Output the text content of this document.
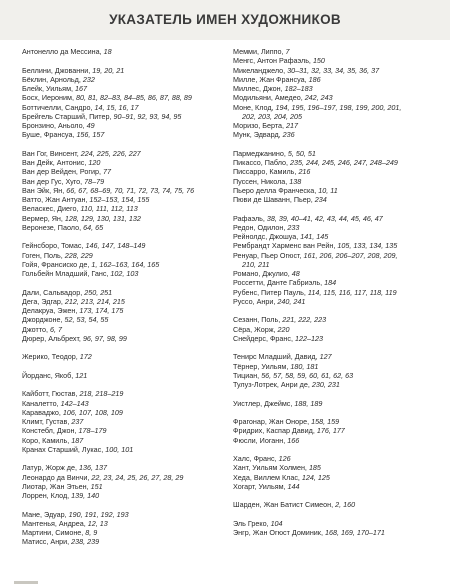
УКАЗАТЕЛЬ ИМЕН ХУДОЖНИКОВ
Антонелло да Мессина, 18
Беллини, Джованни, 19, 20, 21
Бёклин, Арнольд, 232
Блейк, Уильям, 167
Босх, Иероним, 80, 81, 82–83, 84–85, 86, 87, 88, 89
Боттичелли, Сандро, 14, 15, 16, 17
Брейгель Старший, Питер, 90–91, 92, 93, 94, 95
Бронзино, Аньоло, 49
Буше, Франсуа, 156, 157
Ван Гог, Винсент, 224, 225, 226, 227
Ван Дейк, Антонис, 120
Ван дер Вейден, Рогир, 77
Ван дер Гус, Хуго, 78–79
Ван Эйк, Ян, 66, 67, 68–69, 70, 71, 72, 73, 74, 75, 76
Ватто, Жан Антуан, 152–153, 154, 155
Веласкес, Диего, 110, 111, 112, 113
Вермер, Ян, 128, 129, 130, 131, 132
Веронезе, Паоло, 64, 65
Гейнсборо, Томас, 146, 147, 148–149
Гоген, Поль, 228, 229
Гойя, Франсиско де, 1, 162–163, 164, 165
Гольбейн Младший, Ганс, 102, 103
Дали, Сальвадор, 250, 251
Дега, Эдгар, 212, 213, 214, 215
Делакруа, Эжен, 173, 174, 175
Джорджоне, 52, 53, 54, 55
Джотто, 6, 7
Дюрер, Альбрехт, 96, 97, 98, 99
Жерико, Теодор, 172
Йорданс, Якоб, 121
Кайботт, Гюстав, 218, 218–219
Каналетто, 142–143
Караваджо, 106, 107, 108, 109
Климт, Густав, 237
Констебл, Джон, 178–179
Коро, Камиль, 187
Кранах Старший, Лукас, 100, 101
Латур, Жорж де, 136, 137
Леонардо да Винчи, 22, 23, 24, 25, 26, 27, 28, 29
Лиотар, Жан Этьен, 151
Лоррен, Клод, 139, 140
Мане, Эдуар, 190, 191, 192, 193
Мантенья, Андреа, 12, 13
Мартини, Симоне, 8, 9
Матисс, Анри, 238, 239
Мемми, Липпо, 7
Менгс, Антон Рафаэль, 150
Микеланджело, 30–31, 32, 33, 34, 35, 36, 37
Милле, Жан Франсуа, 186
Миллес, Джон, 182–183
Модильяни, Амедео, 242, 243
Моне, Клод, 194, 195, 196–197, 198, 199, 200, 201,
202, 203, 204, 205
Моризо, Берта, 217
Мунк, Эдвард, 236
Пармеджанино, 5, 50, 51
Пикассо, Пабло, 235, 244, 245, 246, 247, 248–249
Писсарро, Камиль, 216
Пуссен, Никола, 138
Пьеро делла Франческа, 10, 11
Пюви де Шаванн, Пьер, 234
Рафаэль, 38, 39, 40–41, 42, 43, 44, 45, 46, 47
Редон, Одилон, 233
Рейнолдс, Джошуа, 141, 145
Рембрандт Харменс ван Рейн, 105, 133, 134, 135
Ренуар, Пьер Огюст, 161, 206, 206–207, 208, 209,
210, 211
Романо, Джулио, 48
Россетти, Данте Габриэль, 184
Рубенс, Питер Пауль, 114, 115, 116, 117, 118, 119
Руссо, Анри, 240, 241
Сезанн, Поль, 221, 222, 223
Сёра, Жорж, 220
Снейдерс, Франс, 122–123
Тенирс Младший, Давид, 127
Тёрнер, Уильям, 180, 181
Тициан, 56, 57, 58, 59, 60, 61, 62, 63
Тулуз-Лотрек, Анри де, 230, 231
Уистлер, Джеймс, 188, 189
Фрагонар, Жан Оноре, 158, 159
Фридрих, Каспар Давид, 176, 177
Фюсли, Иоганн, 166
Халс, Франс, 126
Хант, Уильям Холмен, 185
Хеда, Виллем Клас, 124, 125
Хогарт, Уильям, 144
Шарден, Жан Батист Симеон, 2, 160
Эль Греко, 104
Энгр, Жан Огюст Доминик, 168, 169, 170–171
